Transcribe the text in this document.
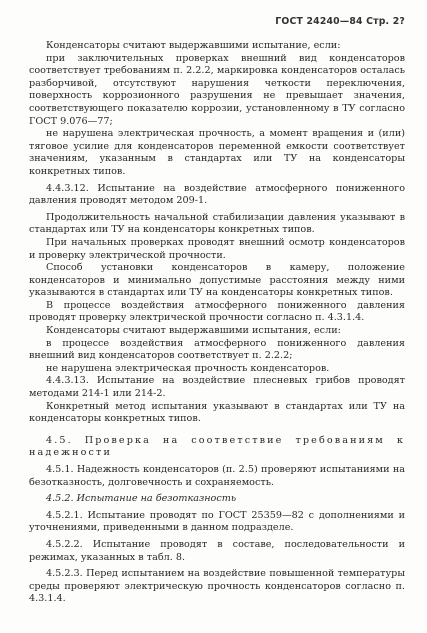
ГОСТ 24240—84 Стр. 2?

Конденсаторы считают выдержавшими испытание, если:

при заключительных проверках внешний вид конденсаторов соответствует требованиям п. 2.2.2, маркировка конденсаторов осталась разборчивой, отсутствуют нарушения четкости переключения, поверхность коррозионного разрушения не превышает значения, соответствующего показателю коррозии, установленному в ТУ согласно ГОСТ 9.076—77;

не нарушена электрическая прочность, а момент вращения и (или) тяговое усилие для конденсаторов переменной емкости соответствует значениям, указанным в стандартах или ТУ на конденсаторы конкретных типов.

4.4.3.12. Испытание на воздействие атмосферного пониженного давления проводят методом 209-1.

Продолжительность начальной стабилизации давления указывают в стандартах или ТУ на конденсаторы конкретных типов.

При начальных проверках проводят внешний осмотр конденсаторов и проверку электрической прочности.

Способ установки конденсаторов в камеру, положение конденсаторов и минимально допустимые расстояния между ними указываются в стандартах или ТУ на конденсаторы конкретных типов.

В процессе воздействия атмосферного пониженного давления проводят проверку электрической прочности согласно п. 4.3.1.4.

Конденсаторы считают выдержавшими испытания, если:

в процессе воздействия атмосферного пониженного давления внешний вид конденсаторов соответствует п. 2.2.2;

не нарушена электрическая прочность конденсаторов.

4.4.3.13. Испытание на воздействие плесневых грибов проводят методами 214-1 или 214-2.

Конкретный метод испытания указывают в стандартах или ТУ на конденсаторы конкретных типов.

4.5. Проверка на соответствие требованиям к надежности

4.5.1. Надежность конденсаторов (п. 2.5) проверяют испытаниями на безотказность, долговечность и сохраняемость.

4.5.2. Испытание на безотказность

4.5.2.1. Испытание проводят по ГОСТ 25359—82 с дополнениями и уточнениями, приведенными в данном подразделе.

4.5.2.2. Испытание проводят в составе, последовательности и режимах, указанных в табл. 8.

4.5.2.3. Перед испытанием на воздействие повышенной температуры среды проверяют электрическую прочность конденсаторов согласно п. 4.3.1.4.
